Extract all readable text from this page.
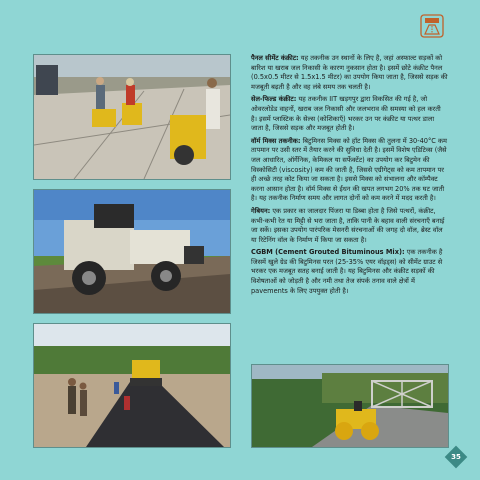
पैनल सीमेंट कंक्रीट: यह तकनीक उन स्थानों के लिए है, जहां अस्फाल्ट सड़कों को बारिश या खराब जल निकासी के कारण नुकसान होता है। इसमें छोटे कंक्रीट पैनल (0.5x0.5 मीटर से 1.5x1.5 मीटर) का उपयोग किया जाता है, जिससे सड़क की मजबूती बढ़ती है और वह लंबे समय तक चलती है।

सेल-फिल्ड कंक्रीट: यह तकनीक IIT खड़गपुर द्वारा विकसित की गई है, जो ओवरलोडेड वाहनों, खराब जल निकासी और जलभराव की समस्या को हल करती है। इसमें प्लास्टिक के सेल्स (कोशिकाएँ) भरकर उन पर कंक्रीट या पत्थर डाला जाता है, जिससे सड़क और मजबूत होती है।

वॉर्म मिक्स तकनीक: बिटुमिनस मिक्स को हॉट मिक्स की तुलना में 30-40°C कम तापमान पर उसी स्तर में तैयार करने की सुविधा देती है। इसमें विशेष एडिटिव्स (जैसे जल आधारित, ऑर्गेनिक, केमिकल या सर्फेक्टेंट) का उपयोग कर बिटुमेन की विस्कोसिटी (viscosity) कम की जाती है, जिससे एग्रीगेट्स को कम तापमान पर ही अच्छे तरह कोट किया जा सकता है। इससे मिक्स को संभालना और कॉम्पैक्ट करना आसान होता है। वॉर्म मिक्स से ईंधन की खपत लगभग 20% तक घट जाती है। यह तकनीक निर्माण समय और लागत दोनों को कम करने में मदद करती है।

गेबियन: एक प्रकार का जालदार पिंजरा या डिब्बा होता है जिसे पत्थरों, कंक्रीट, कभी-कभी रेत या मिट्टी से भरा जाता है, ताकि पानी के बहाव वाली संरचनाएँ बनाई जा सकें। इसका उपयोग पारंपरिक मेसनरी संरचनाओं की जगह दो वॉल, ब्रेस्ट वॉल या रिटेनिंग वॉल के निर्माण में किया जा सकता है।

CGBM (Cement Grouted Bituminous Mix): एक तकनीक है जिसमें खुले ग्रेड की बिटुमिनस परत (25-35% एयर वॉइड्स) को सीमेंट ग्राउट से भरकर एक मजबूत सतह बनाई जाती है। यह बिटुमिनस और कंक्रीट सड़कों की विशेषताओं को जोड़ती है और नमी तथा तेज संपर्क तनाव वाले क्षेत्रों में pavements के लिए उपयुक्त होती है।

35
